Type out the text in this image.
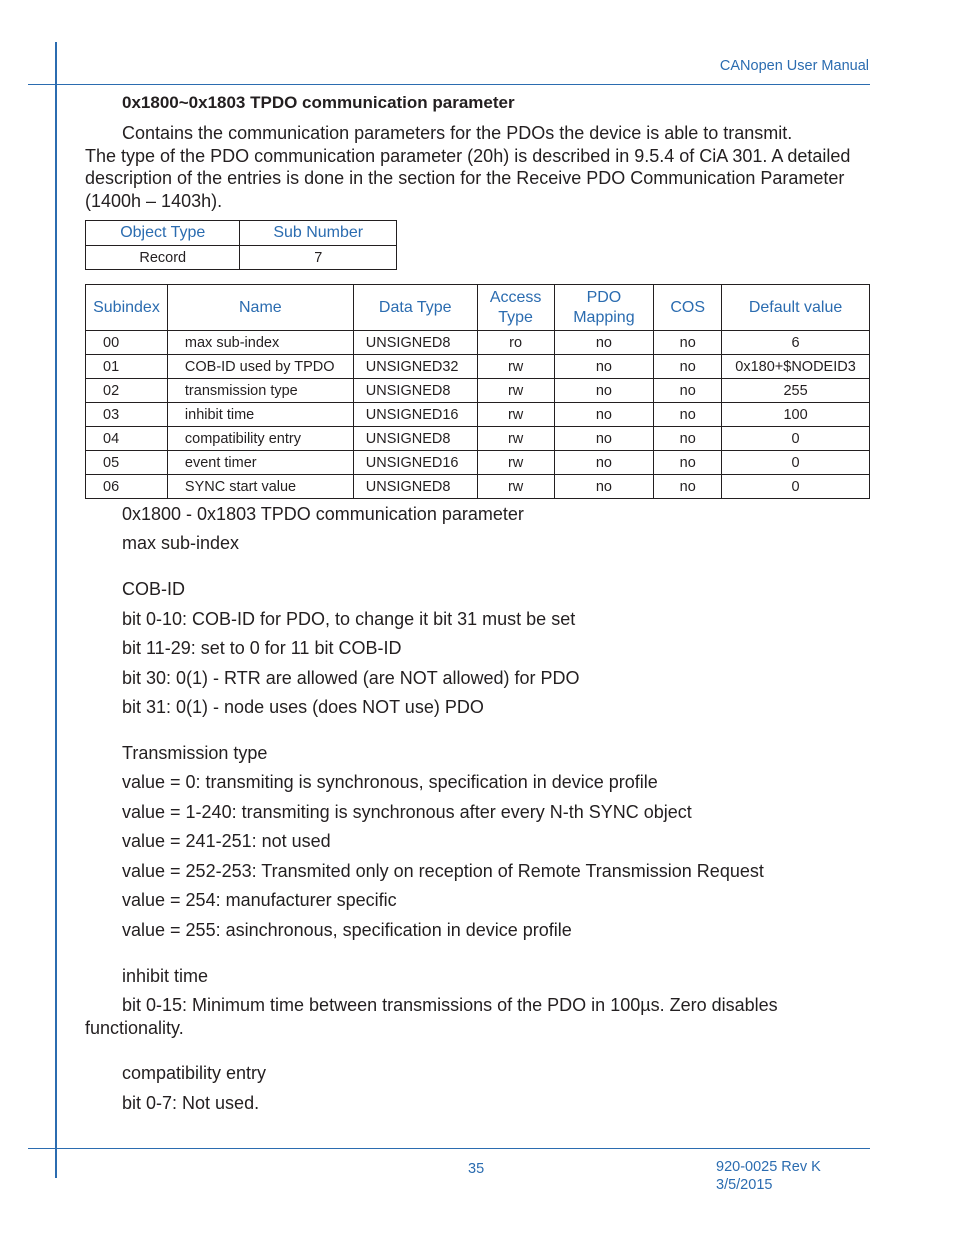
CANopen User Manual
0x1800~0x1803 TPDO communication parameter
Contains the communication parameters for the PDOs the device is able to transmit.
The type of the PDO communication parameter (20h) is described in 9.5.4 of CiA 301. A detailed description of the entries is done in the section for the Receive PDO Communication Parameter (1400h – 1403h).
Object Type	Sub Number
Record	7
Subindex	Name	Data Type	Access Type	PDO Mapping	COS	Default value
00	max sub-index	UNSIGNED8	ro	no	no	6
01	COB-ID used by TPDO	UNSIGNED32	rw	no	no	0x180+$NODEID3
02	transmission type	UNSIGNED8	rw	no	no	255
03	inhibit time	UNSIGNED16	rw	no	no	100
04	compatibility entry	UNSIGNED8	rw	no	no	0
05	event timer	UNSIGNED16	rw	no	no	0
06	SYNC start value	UNSIGNED8	rw	no	no	0
0x1800 - 0x1803 TPDO communication parameter
max sub-index
COB-ID
bit 0-10: COB-ID for PDO, to change it bit 31 must be set
bit 11-29: set to 0 for 11 bit COB-ID
bit 30: 0(1) - RTR are allowed (are NOT allowed) for PDO
bit 31: 0(1) - node uses (does NOT use) PDO
Transmission type
value = 0: transmiting is synchronous, specification in device profile
value = 1-240: transmiting is synchronous after every N-th SYNC object
value = 241-251: not used
value = 252-253: Transmited only on reception of Remote Transmission Request
value = 254: manufacturer specific
value = 255: asinchronous, specification in device profile
inhibit time
bit 0-15: Minimum time between transmissions of the PDO in 100µs. Zero disables functionality.
compatibility entry
bit 0-7: Not used.
35	920-0025 Rev K
3/5/2015
